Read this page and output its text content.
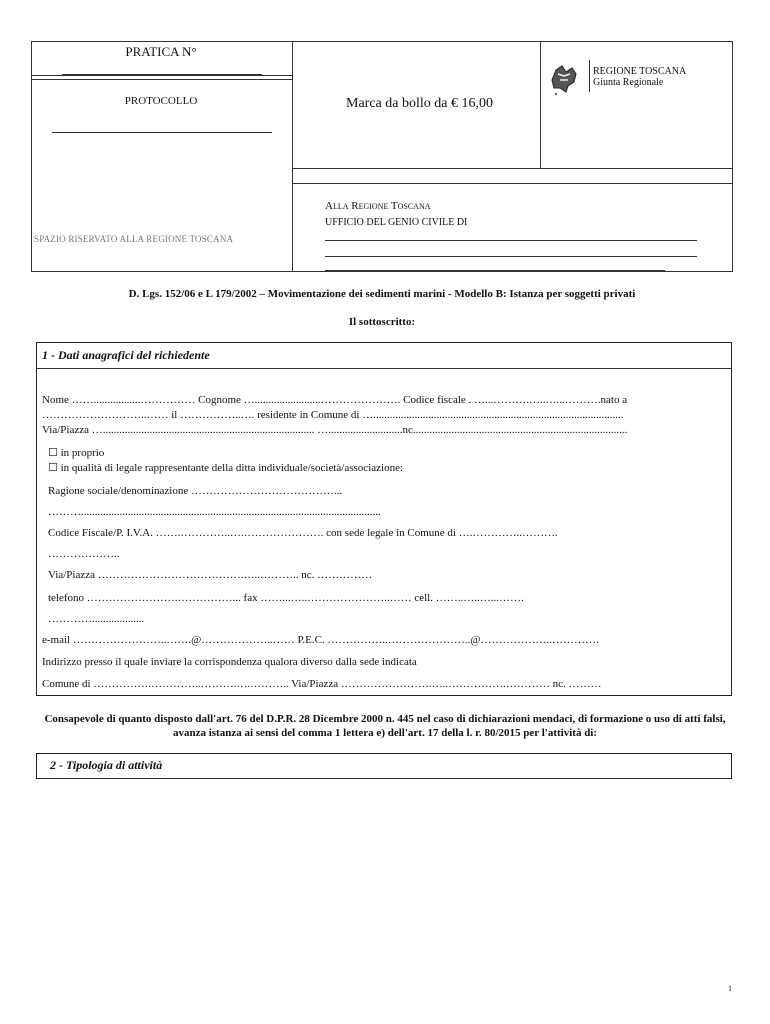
PRATICA N°
PROTOCOLLO
SPAZIO RISERVATO ALLA REGIONE TOSCANA
Marca da bollo da € 16,00
REGIONE TOSCANA
Giunta Regionale
Alla Regione Toscana
UFFICIO DEL GENIO CIVILE DI
D. Lgs. 152/06 e L 179/2002 – Movimentazione dei sedimenti marini - Modello B: Istanza per soggetti privati
Il sottoscritto:
1 - Dati anagrafici del richiedente
Nome …….................…………… Cognome …........................…………………. Codice fiscale . …...……….…..…...……….nato a
………………………..…… il ……………..…. residente in Comune di …...........................................................................................
Via/Piazza …............................................................................. …...........................nc..............................................................................
☐ in proprio
☐ in qualità di legale rappresentante della ditta individuale/società/associazione:
Ragione sociale/denominazione …………………………………...
……….............................................................................................................
Codice Fiscale/P. I.V.A. …….…………..….…………………. con sede legale in Comune di ….…………..……….
………………..
Via/Piazza ………………………………….…..……….. nc. ……………
telefono …………………….……………... fax ……...…..…………………..…… cell. ……..…..…...…….
…………...................
e-mail ……………………..…….@………………..…… P.E.C. ……………..…………………..@………………..………….
Indirizzo presso il quale inviare la corrispondenza qualora diverso dalla sede indicata
Comune di …………….…………..……….….……….. Via/Piazza …………………….…..…………….………… nc. ………
Consapevole di quanto disposto dall'art. 76 del D.P.R. 28 Dicembre 2000 n. 445 nel caso di dichiarazioni mendaci, di formazione o uso di atti falsi, avanza istanza ai sensi del comma 1 lettera e) dell'art. 17 della l. r. 80/2015 per l'attività di:
2 - Tipologia di attività
1
